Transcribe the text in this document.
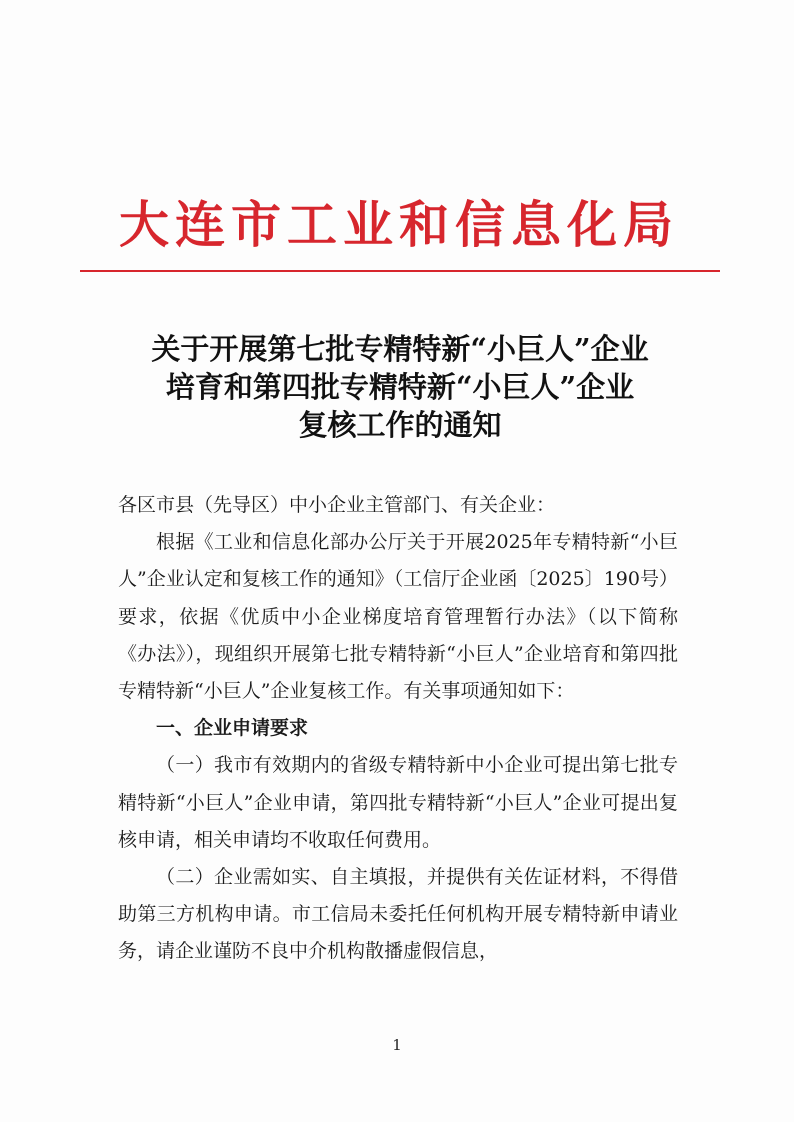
大连市工业和信息化局
关于开展第七批专精特新“小巨人”企业
培育和第四批专精特新“小巨人”企业
复核工作的通知

各区市县（先导区）中小企业主管部门、有关企业：

根据《工业和信息化部办公厅关于开展2025年专精特新“小巨人”企业认定和复核工作的通知》（工信厅企业函〔2025〕190号）要求，依据《优质中小企业梯度培育管理暂行办法》（以下简称《办法》），现组织开展第七批专精特新“小巨人”企业培育和第四批专精特新“小巨人”企业复核工作。有关事项通知如下：

一、企业申请要求

（一）我市有效期内的省级专精特新中小企业可提出第七批专精特新“小巨人”企业申请，第四批专精特新“小巨人”企业可提出复核申请，相关申请均不收取任何费用。

（二）企业需如实、自主填报，并提供有关佐证材料，不得借助第三方机构申请。市工信局未委托任何机构开展专精特新申请业务，请企业谨防不良中介机构散播虚假信息，

1
